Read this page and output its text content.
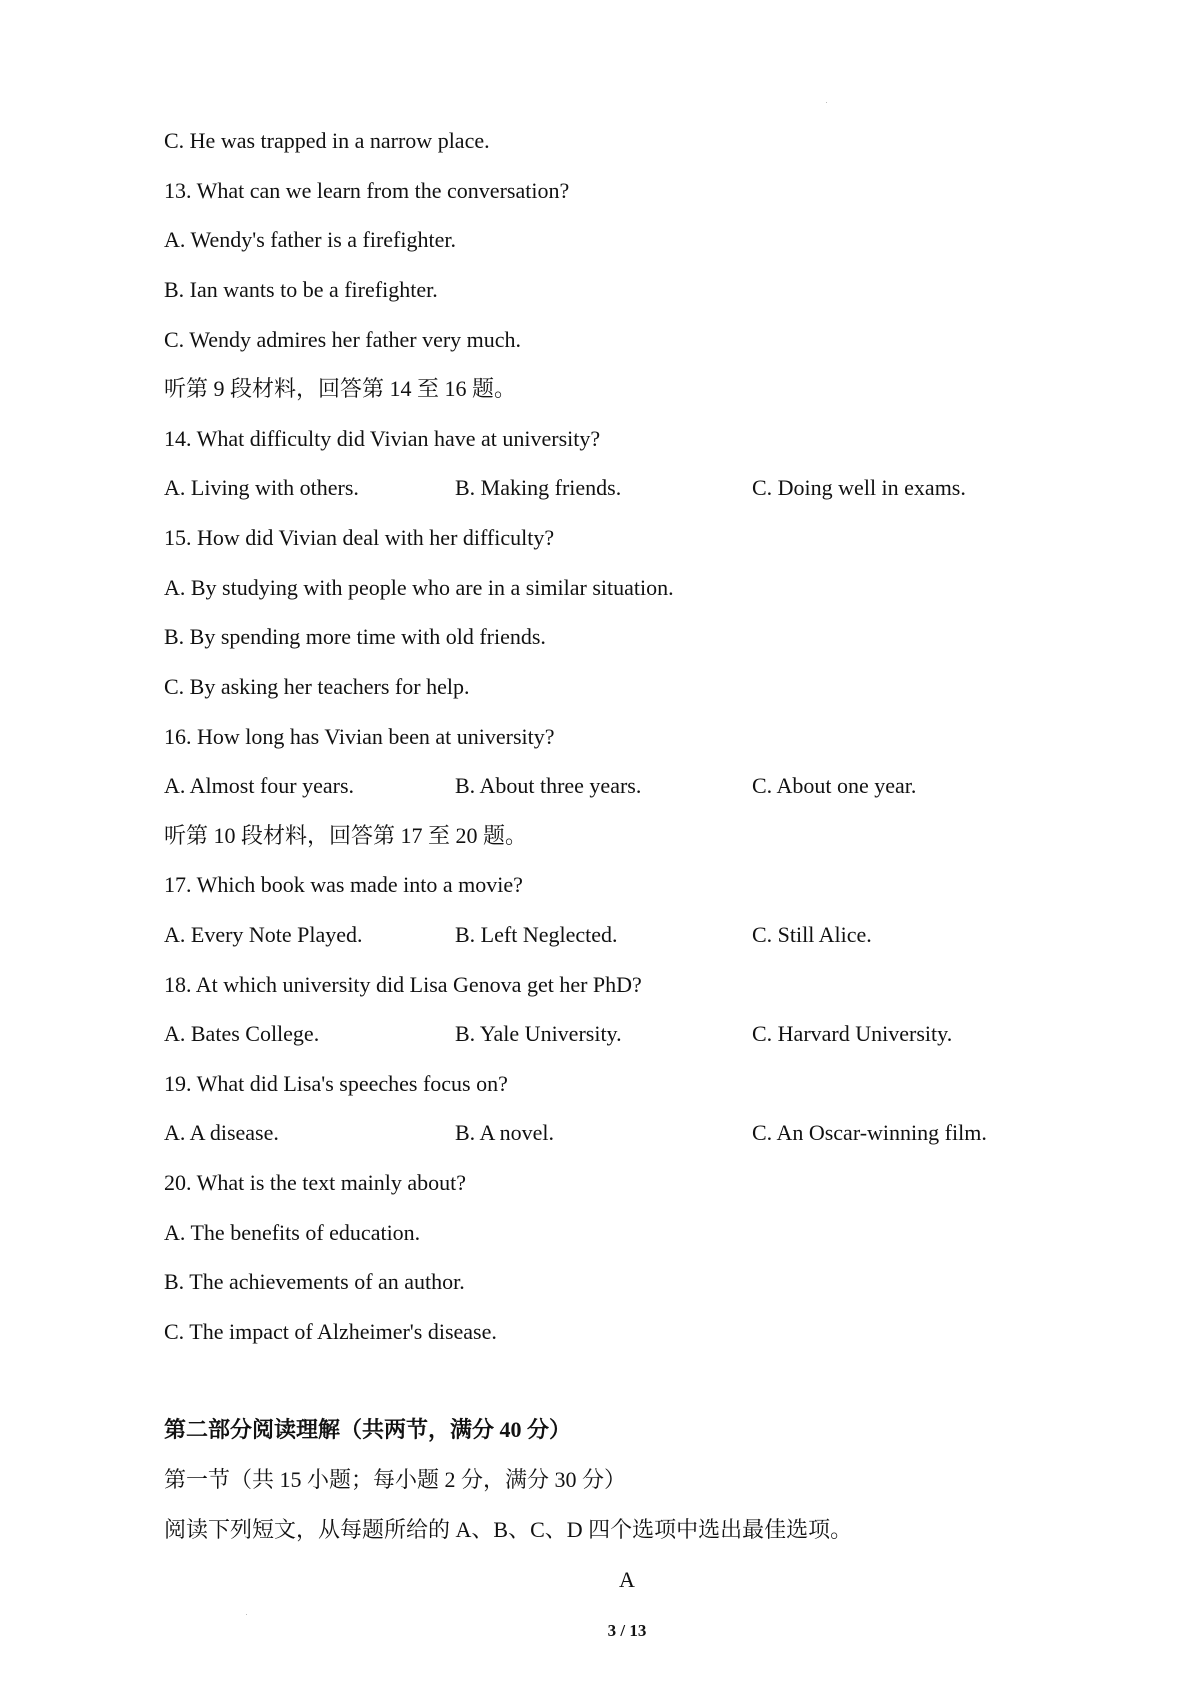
C. He was trapped in a narrow place.
13. What can we learn from the conversation?
A. Wendy's father is a firefighter.
B. Ian wants to be a firefighter.
C. Wendy admires her father very much.
听第 9 段材料，回答第 14 至 16 题。
14. What difficulty did Vivian have at university?
A. Living with others.	B. Making friends.	C. Doing well in exams.
15. How did Vivian deal with her difficulty?
A. By studying with people who are in a similar situation.
B. By spending more time with old friends.
C. By asking her teachers for help.
16. How long has Vivian been at university?
A. Almost four years.	B. About three years.	C. About one year.
听第 10 段材料，回答第 17 至 20 题。
17. Which book was made into a movie?
A. Every Note Played.	B. Left Neglected.	C. Still Alice.
18. At which university did Lisa Genova get her PhD?
A. Bates College.	B. Yale University.	C. Harvard University.
19. What did Lisa's speeches focus on?
A. A disease.	B. A novel.	C. An Oscar-winning film.
20. What is the text mainly about?
A. The benefits of education.
B. The achievements of an author.
C. The impact of Alzheimer's disease.
第二部分阅读理解（共两节，满分 40 分）
第一节（共 15 小题；每小题 2 分，满分 30 分）
阅读下列短文，从每题所给的 A、B、C、D 四个选项中选出最佳选项。
A
3 / 13
